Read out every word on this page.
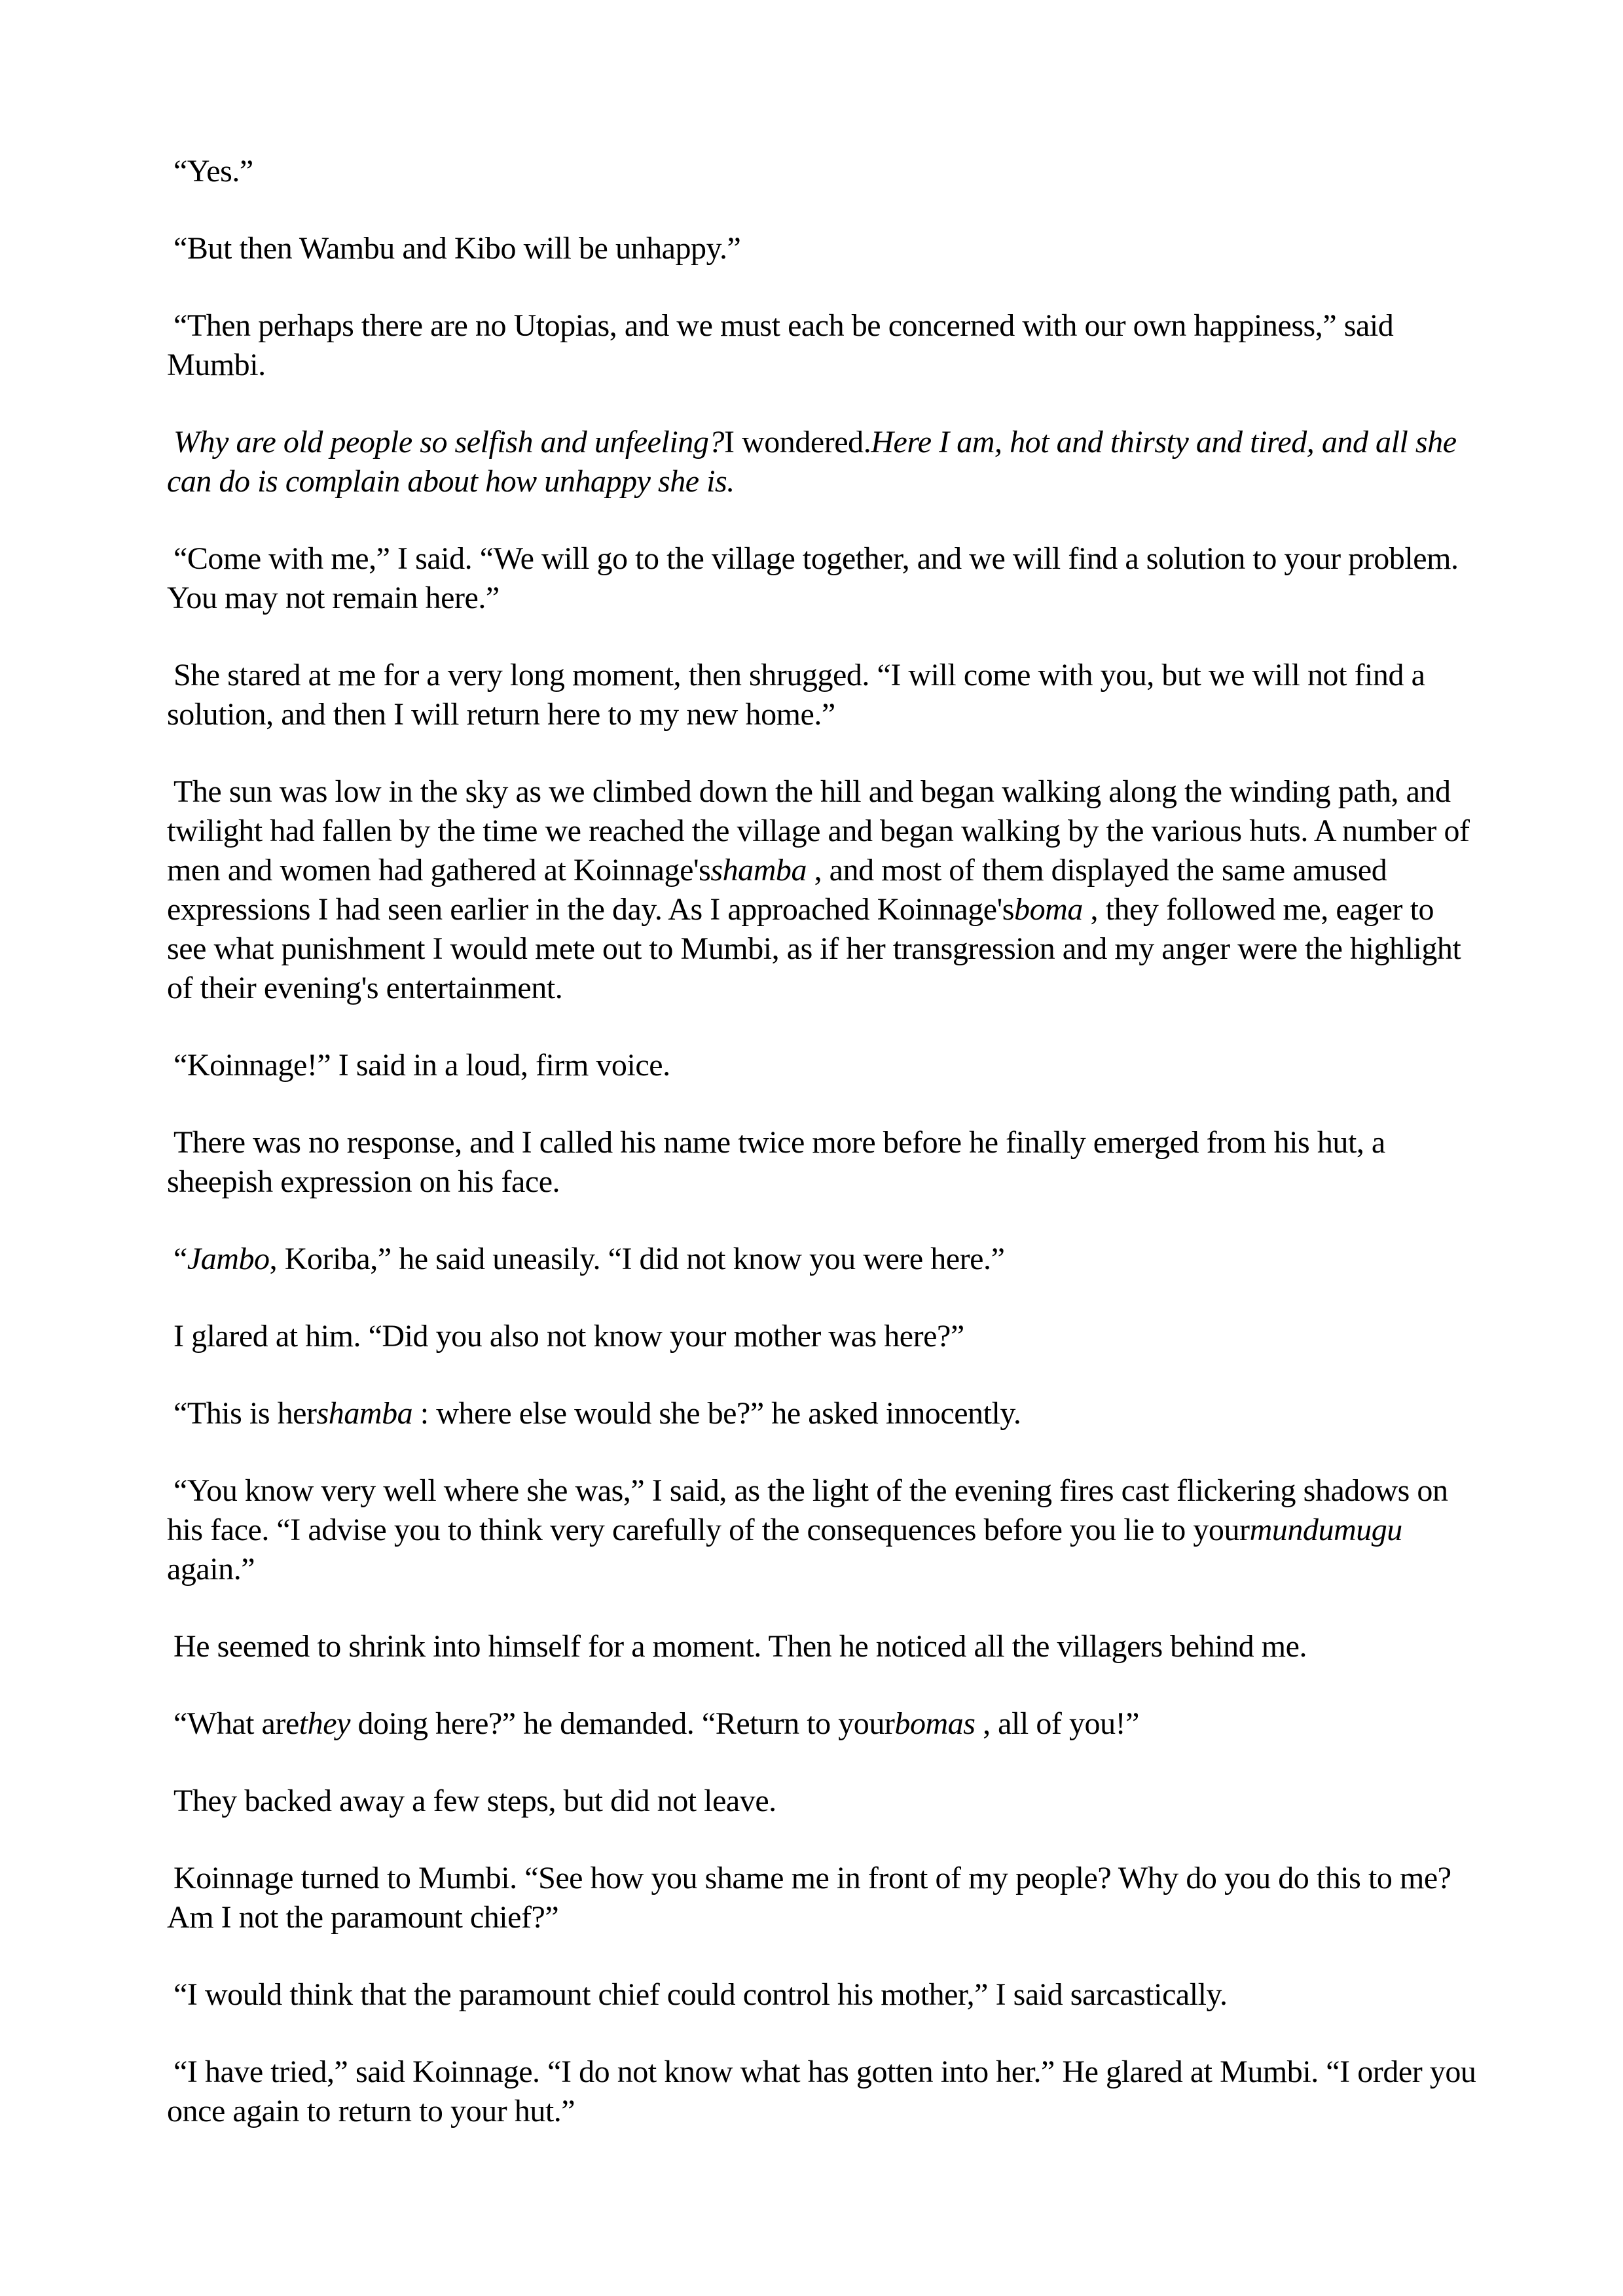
“Yes.”

“But then Wambu and Kibo will be unhappy.”

“Then perhaps there are no Utopias, and we must each be concerned with our own happiness,” said Mumbi.

Why are old people so selfish and unfeeling?I wondered.Here I am, hot and thirsty and tired, and all she can do is complain about how unhappy she is.

“Come with me,” I said. “We will go to the village together, and we will find a solution to your problem. You may not remain here.”

She stared at me for a very long moment, then shrugged. “I will come with you, but we will not find a solution, and then I will return here to my new home.”

The sun was low in the sky as we climbed down the hill and began walking along the winding path, and twilight had fallen by the time we reached the village and began walking by the various huts. A number of men and women had gathered at Koinnage'sshamba , and most of them displayed the same amused expressions I had seen earlier in the day. As I approached Koinnage'sboma , they followed me, eager to see what punishment I would mete out to Mumbi, as if her transgression and my anger were the highlight of their evening's entertainment.

“Koinnage!” I said in a loud, firm voice.

There was no response, and I called his name twice more before he finally emerged from his hut, a sheepish expression on his face.

“Jambo, Koriba,” he said uneasily. “I did not know you were here.”

I glared at him. “Did you also not know your mother was here?”

“This is hershamba : where else would she be?” he asked innocently.

“You know very well where she was,” I said, as the light of the evening fires cast flickering shadows on his face. “I advise you to think very carefully of the consequences before you lie to yourmundumugu again.”

He seemed to shrink into himself for a moment. Then he noticed all the villagers behind me.

“What arethey doing here?” he demanded. “Return to yourbomas , all of you!”

They backed away a few steps, but did not leave.

Koinnage turned to Mumbi. “See how you shame me in front of my people? Why do you do this to me? Am I not the paramount chief?”

“I would think that the paramount chief could control his mother,” I said sarcastically.

“I have tried,” said Koinnage. “I do not know what has gotten into her.” He glared at Mumbi. “I order you once again to return to your hut.”
